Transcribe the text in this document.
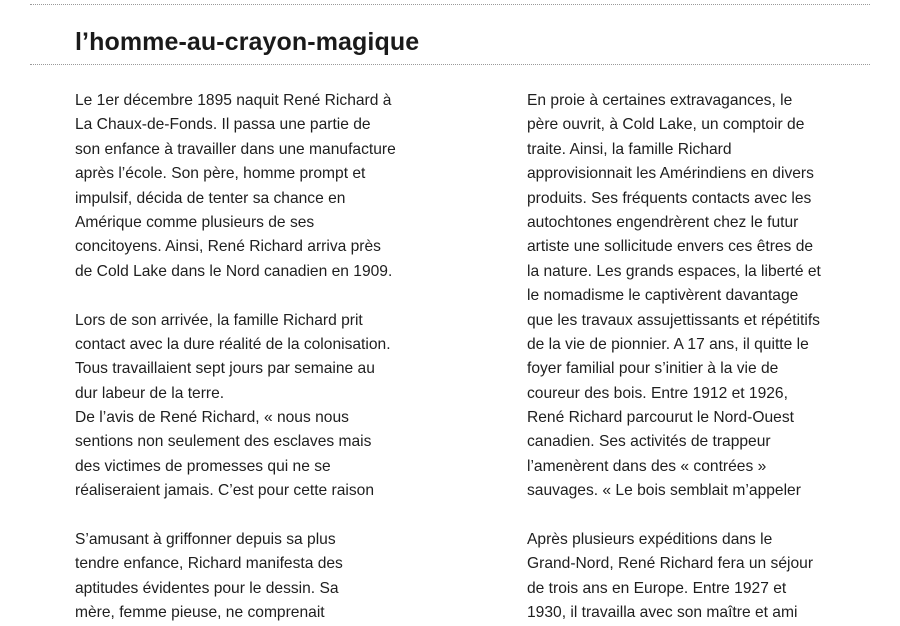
l’homme-au-crayon-magique
Le 1er décembre 1895 naquit René Richard à
La Chaux-de-Fonds. Il passa une partie de
son enfance à travailler dans une manufacture
après l’école. Son père, homme prompt et
impulsif, décida de tenter sa chance en
Amérique comme plusieurs de ses
concitoyens. Ainsi, René Richard arriva près
de Cold Lake dans le Nord canadien en 1909.
Lors de son arrivée, la famille Richard prit
contact avec la dure réalité de la colonisation.
Tous travaillaient sept jours par semaine au
dur labeur de la terre.
De l’avis de René Richard, « nous nous
sentions non seulement des esclaves mais
des victimes de promesses qui ne se
réaliseraient jamais. C’est pour cette raison
S’amusant à griffonner depuis sa plus
tendre enfance, Richard manifesta des
aptitudes évidentes pour le dessin. Sa
mère, femme pieuse, ne comprenait
En proie à certaines extravagances, le
père ouvrit, à Cold Lake, un comptoir de
traite. Ainsi, la famille Richard
approvisionnait les Amérindiens en divers
produits. Ses fréquents contacts avec les
autochtones engendrèrent chez le futur
artiste une sollicitude envers ces êtres de
la nature. Les grands espaces, la liberté et
le nomadisme le captivèrent davantage
que les travaux assujettissants et répétitifs
de la vie de pionnier. A 17 ans, il quitte le
foyer familial pour s’initier à la vie de
coureur des bois. Entre 1912 et 1926,
René Richard parcourut le Nord-Ouest
canadien. Ses activités de trappeur
l’amenèrent dans des « contrées »
sauvages. « Le bois semblait m’appeler
Après plusieurs expéditions dans le
Grand-Nord, René Richard fera un séjour
de trois ans en Europe. Entre 1927 et
1930, il travailla avec son maître et ami
